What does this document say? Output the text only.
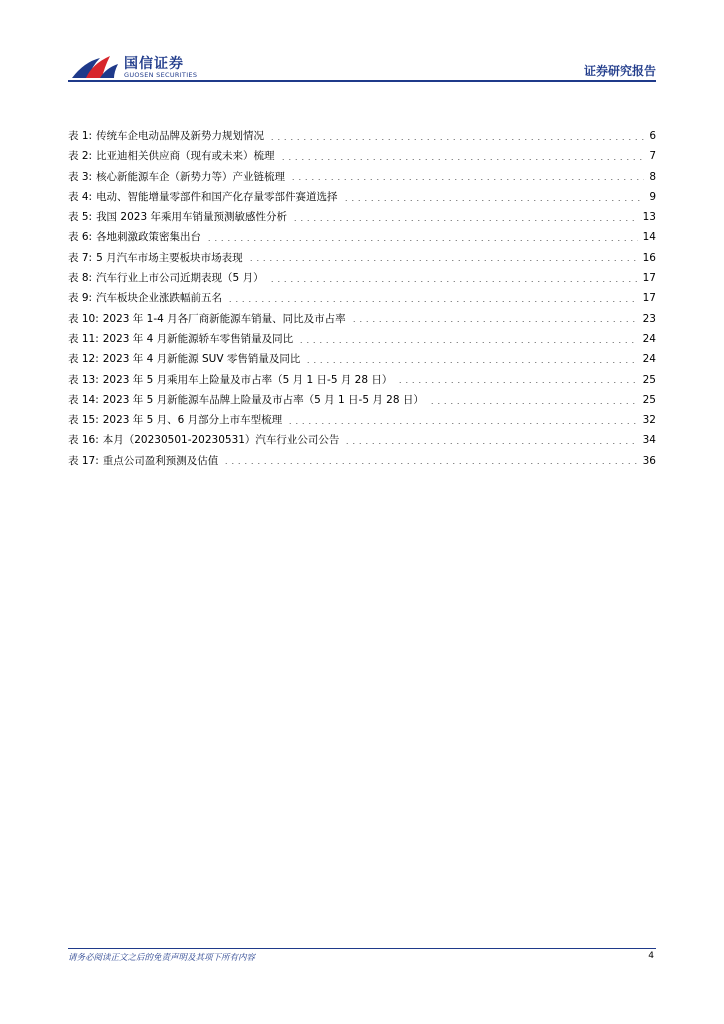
国信证券
GUOSEN SECURITIES	证券研究报告
表 1: 传统车企电动品牌及新势力规划情况	6
表 2: 比亚迪相关供应商（现有或未来）梳理	7
表 3: 核心新能源车企（新势力等）产业链梳理	8
表 4: 电动、智能增量零部件和国产化存量零部件赛道选择	9
表 5: 我国 2023 年乘用车销量预测敏感性分析	13
表 6: 各地刺激政策密集出台	14
表 7: 5 月汽车市场主要板块市场表现	16
表 8: 汽车行业上市公司近期表现（5 月）	17
表 9: 汽车板块企业涨跌幅前五名	17
表 10: 2023 年 1-4 月各厂商新能源车销量、同比及市占率	23
表 11: 2023 年 4 月新能源轿车零售销量及同比	24
表 12: 2023 年 4 月新能源 SUV 零售销量及同比	24
表 13: 2023 年 5 月乘用车上险量及市占率（5 月 1 日-5 月 28 日）	25
表 14: 2023 年 5 月新能源车品牌上险量及市占率（5 月 1 日-5 月 28 日）	25
表 15: 2023 年 5 月、6 月部分上市车型梳理	32
表 16: 本月（20230501-20230531）汽车行业公司公告	34
表 17: 重点公司盈利预测及估值	36
请务必阅读正文之后的免责声明及其项下所有内容	4
